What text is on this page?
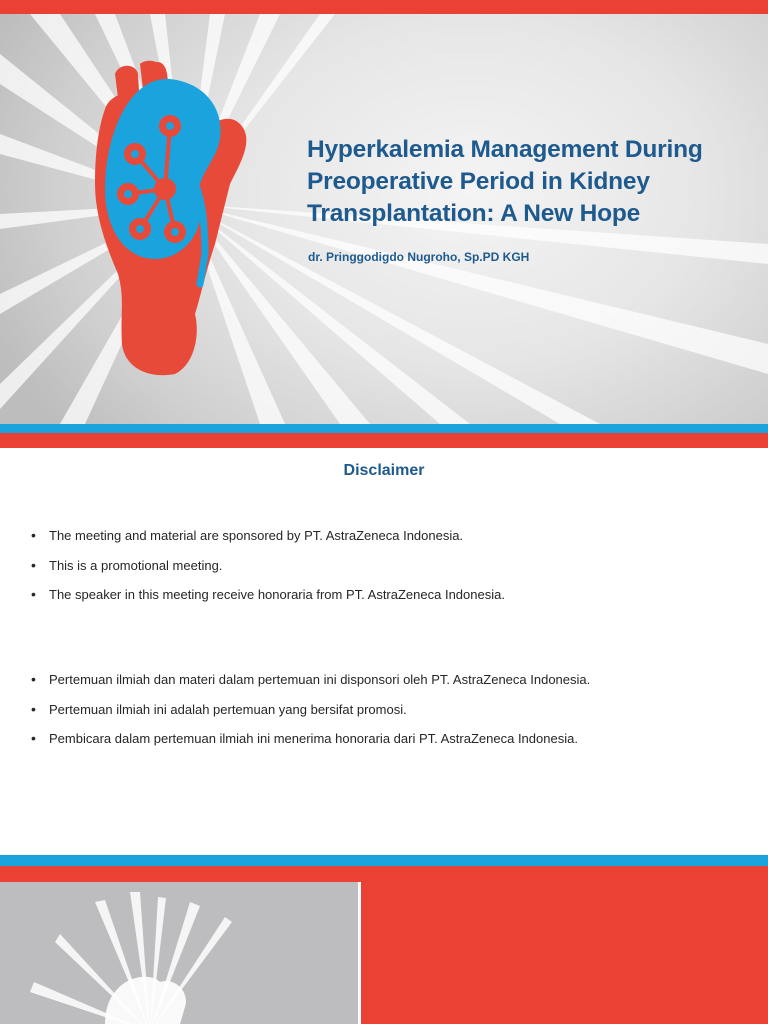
Hyperkalemia Management During Preoperative Period in Kidney Transplantation: A New Hope

dr. Pringgodigdo Nugroho, Sp.PD KGH

Disclaimer
• The meeting and material are sponsored by PT. AstraZeneca Indonesia.
• This is a promotional meeting.
• The speaker in this meeting receive honoraria from PT. AstraZeneca Indonesia.
• Pertemuan ilmiah dan materi dalam pertemuan ini disponsori oleh PT. AstraZeneca Indonesia.
• Pertemuan ilmiah ini adalah pertemuan yang bersifat promosi.
• Pembicara dalam pertemuan ilmiah ini menerima honoraria dari PT. AstraZeneca Indonesia.
